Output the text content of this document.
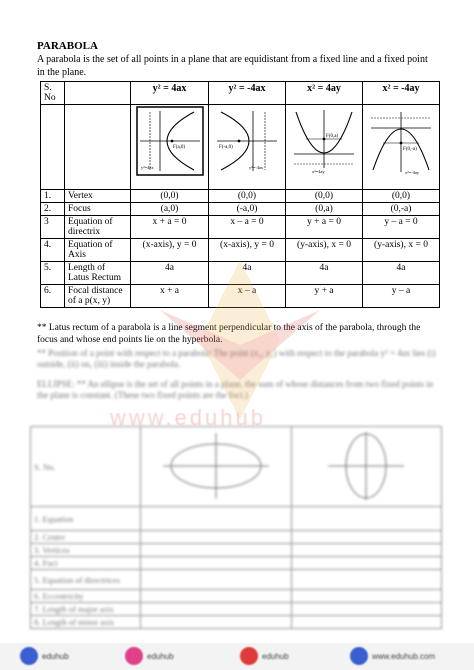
PARABOLA
A parabola is the set of all points in a plane that are equidistant from a fixed line and a fixed point in the plane.
S. No		y² = 4ax	y² = -4ax	x² = 4ay	x² = -4ay

F(a,0)
y²=4ax	F(-a,0)
y²=-4ax	F(0,a)
x²=4ay	F(0,-a)
x²=-4ay

1.	Vertex	(0,0)	(0,0)	(0,0)	(0,0)
2.	Focus	(a,0)	(-a,0)	(0,a)	(0,-a)
3	Equation of directrix	x + a = 0	x – a = 0	y + a = 0	y – a = 0
4.	Equation of Axis	(x-axis), y = 0	(x-axis), y = 0	(y-axis), x = 0	(y-axis), x = 0
5.	Length of Latus Rectum	4a	4a	4a	4a
6.	Focal distance of a p(x, y)	x + a	x – a	y + a	y – a
** Latus rectum of a parabola is a line segment perpendicular to the axis of the parabola, through the focus and whose end points lie on the hyperbola.
** Position of a point with respect to a parabola: The point (x₁, y₁) with respect to the parabola y² = 4ax lies (i) outside, (ii) on, (iii) inside the parabola.
ELLIPSE: ** An ellipse is the set of all points in a plane, the sum of whose distances from two fixed points in the plane is constant. (These two fixed points are the foci.)
S. No.		
1. Equation		
2. Centre		
3. Vertices		
4. Foci		
5. Equation of directrices		
6. Eccentricity		
7. Length of major axis		
8. Length of minor axis		
www.eduhub
eduhub	eduhub	eduhub	www.eduhub.com
